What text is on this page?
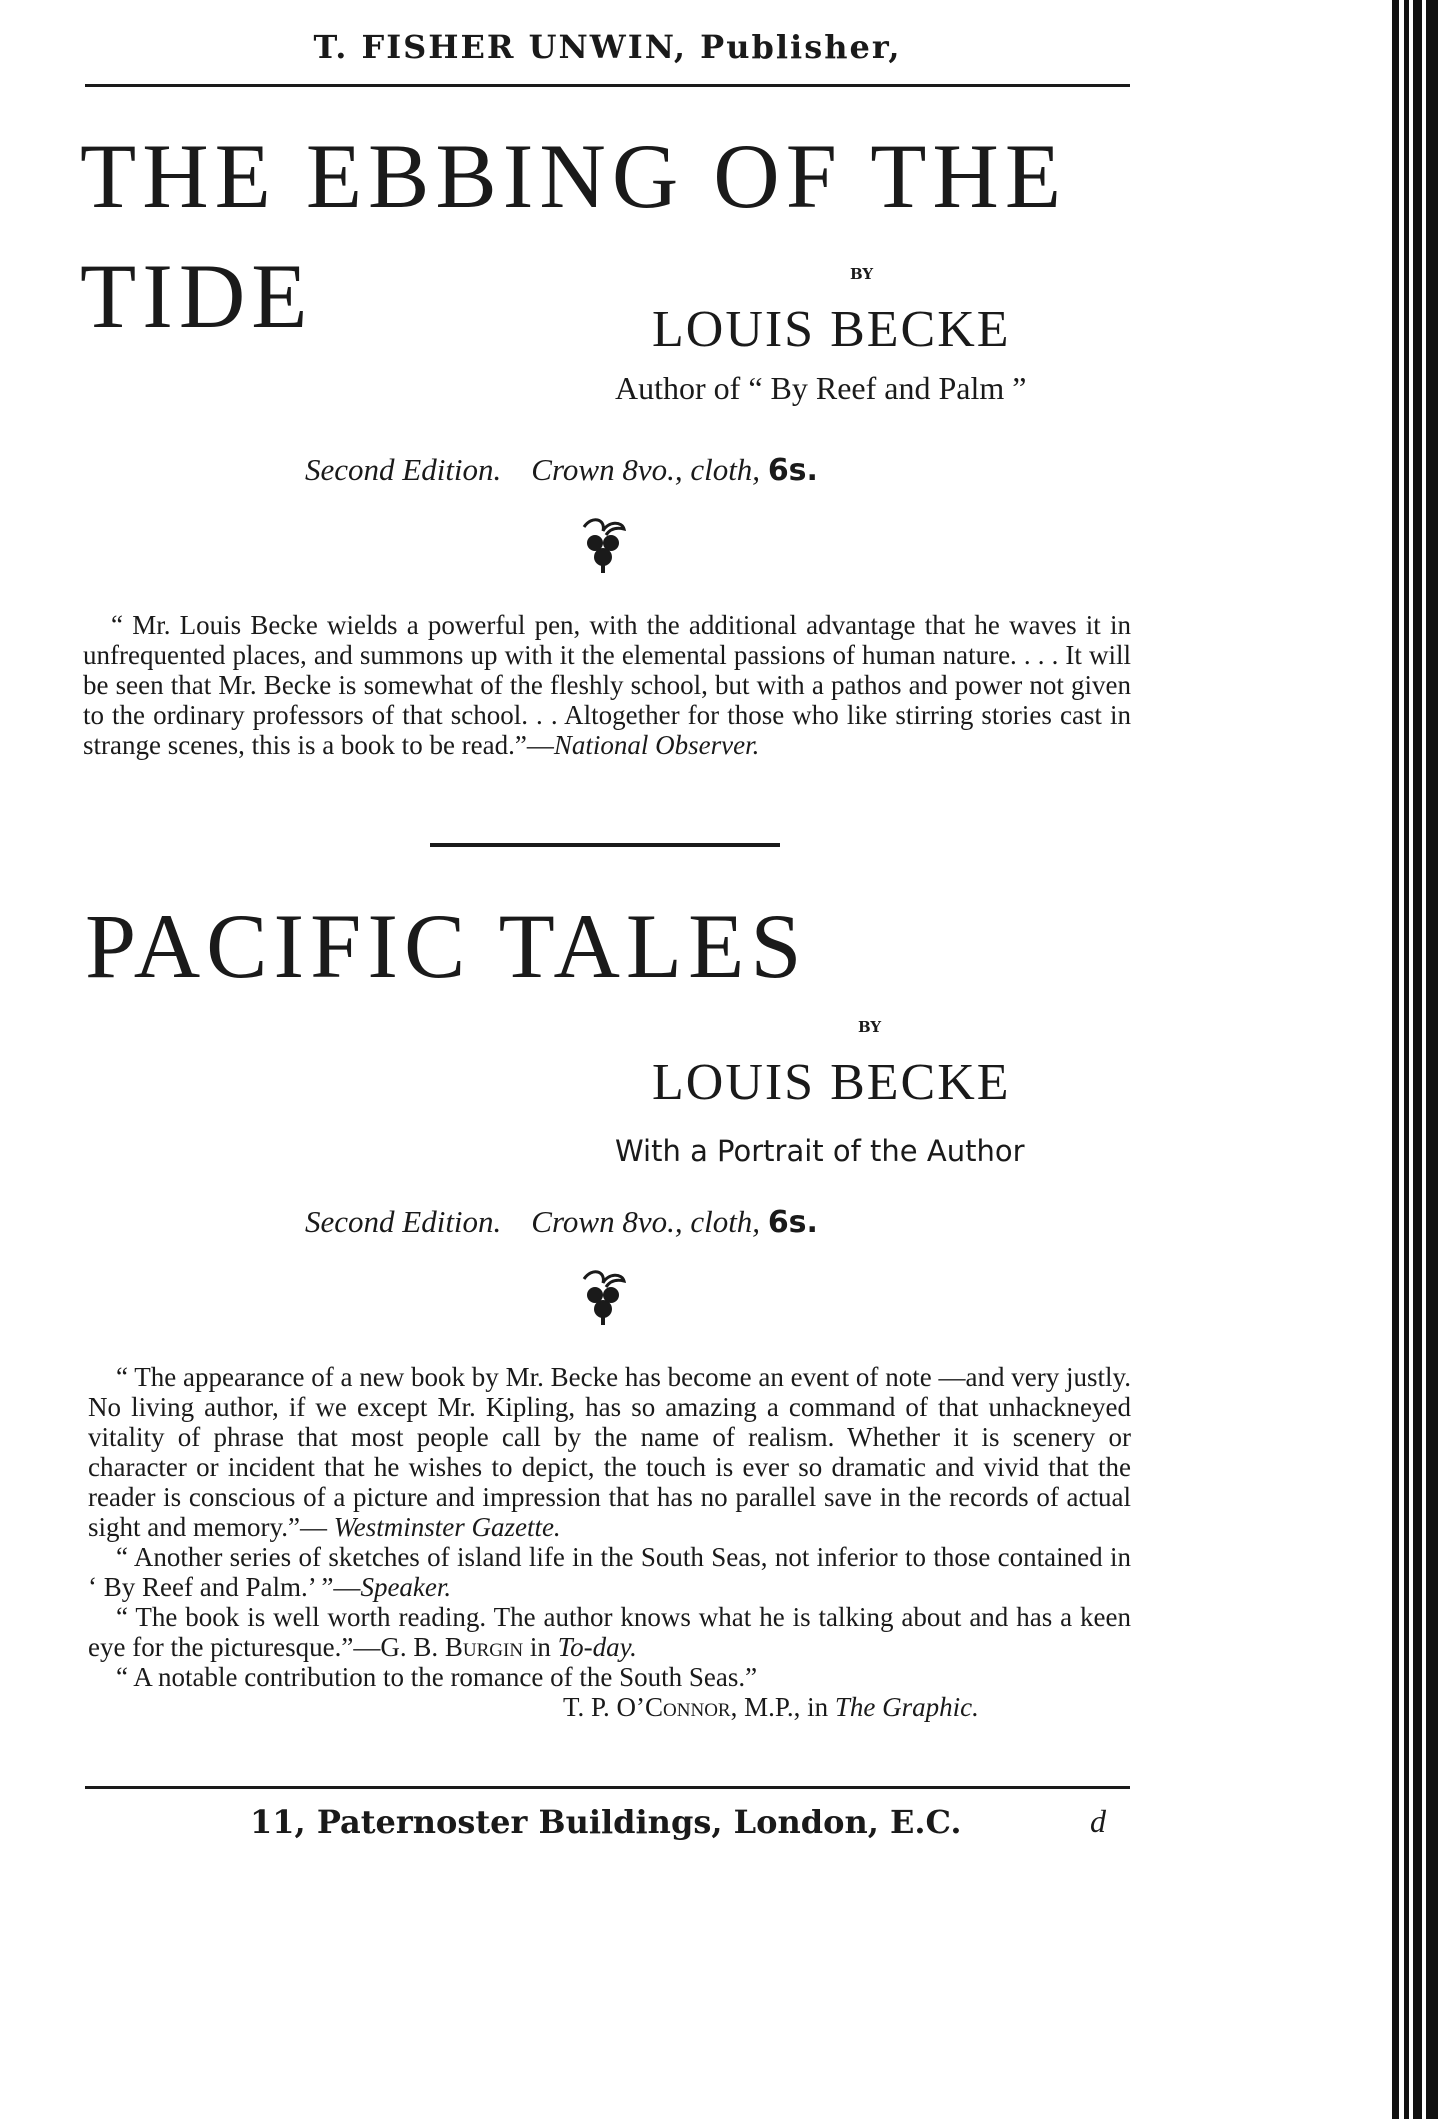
T. FISHER UNWIN, Publisher,
THE EBBING OF THE
TIDE	BY
LOUIS BECKE
Author of “ By Reef and Palm ”
Second Edition. Crown 8vo., cloth, 6s.

“ Mr. Louis Becke wields a powerful pen, with the additional advantage that he waves it in unfrequented places, and summons up with it the elemental passions of human nature. . . . It will be seen that Mr. Becke is somewhat of the fleshly school, but with a pathos and power not given to the ordinary professors of that school. . . Altogether for those who like stirring stories cast in strange scenes, this is a book to be read.”—National Observer.

PACIFIC TALES
BY
LOUIS BECKE
With a Portrait of the Author
Second Edition. Crown 8vo., cloth, 6s.

“ The appearance of a new book by Mr. Becke has become an event of note —and very justly. No living author, if we except Mr. Kipling, has so amazing a command of that unhackneyed vitality of phrase that most people call by the name of realism. Whether it is scenery or character or incident that he wishes to depict, the touch is ever so dramatic and vivid that the reader is conscious of a picture and impression that has no parallel save in the records of actual sight and memory.”— Westminster Gazette.

“ Another series of sketches of island life in the South Seas, not inferior to those contained in ‘ By Reef and Palm.’ ”—Speaker.

“ The book is well worth reading. The author knows what he is talking about and has a keen eye for the picturesque.”—G. B. Burgin in To-day.

“ A notable contribution to the romance of the South Seas.”

T. P. O’Connor, M.P., in The Graphic.

11, Paternoster Buildings, London, E.C.	d
